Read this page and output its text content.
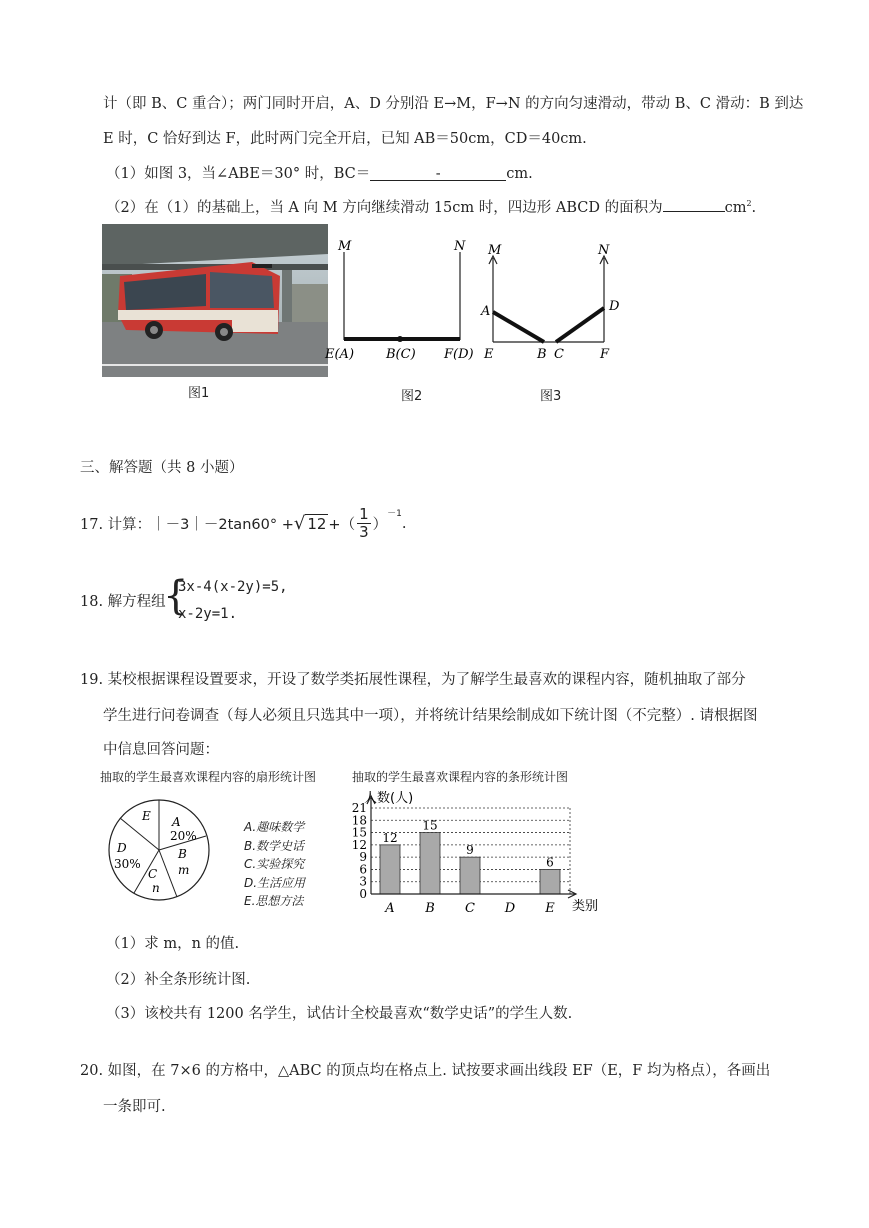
计（即 B、C 重合）；两门同时开启，A、D 分别沿 E→M，F→N 的方向匀速滑动，带动 B、C 滑动：B 到达
E 时，C 恰好到达 F，此时两门完全开启，已知 AB＝50cm，CD＝40cm.
（1）如图 3，当∠ABE＝30° 时，BC＝	-	cm.
（2）在（1）的基础上，当 A 向 M 方向继续滑动 15cm 时，四边形 ABCD 的面积为	$cm^2$.
图1
M	N
E(A) B(C) F(D)
图2
M	N
A	D
E	B C	F
图3
三、解答题（共 8 小题）
17. 计算： ｜－3｜－2tan60° + √ 12 +（ $\frac{1}{3}$ ）
$^{-1}$
.
18. 解方程组
{
3x-4(x-2y)=5,
x-2y=1.
19. 某校根据课程设置要求，开设了数学类拓展性课程，为了解学生最喜欢的课程内容，随机抽取了部分
学生进行问卷调查（每人必须且只选其中一项），并将统计结果绘制成如下统计图（不完整）. 请根据图
中信息回答问题：
抽取的学生最喜欢课程内容的扇形统计图
E A
20%
B
m
C
n
D
30%
A.趣味数学
B.数学史话
C.实验探究
D.生活应用
E.思想方法
抽取的学生最喜欢课程内容的条形统计图
12
15
9
6
0
3
6
9
12
15
18
21
A B C D E
人数(人)
类别
（1）求 m，n 的值.
（2）补全条形统计图.
（3）该校共有 1200 名学生，试估计全校最喜欢“数学史话”的学生人数.
20. 如图，在 7×6 的方格中，△ABC 的顶点均在格点上. 试按要求画出线段 EF（E，F 均为格点），各画出
一条即可.
